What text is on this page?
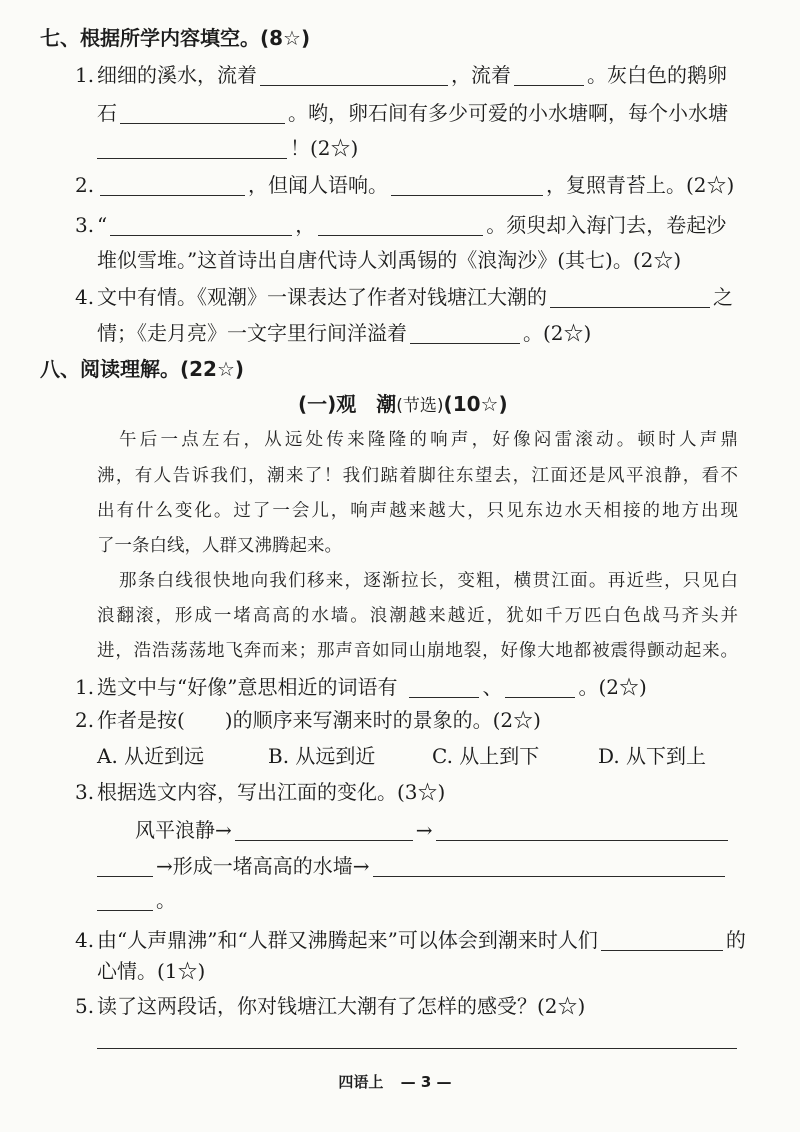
七、根据所学内容填空。(8☆)
1. 细细的溪水，流着	，流着	。灰白色的鹅卵
石	。哟，卵石间有多少可爱的小水塘啊，每个小水塘
！(2☆)
2.	，但闻人语响。	，复照青苔上。(2☆)
3. “	，	。须臾却入海门去，卷起沙
堆似雪堆。”这首诗出自唐代诗人刘禹锡的《浪淘沙》(其七)。(2☆)
4. 文中有情。《观潮》一课表达了作者对钱塘江大潮的	之
情；《走月亮》一文字里行间洋溢着	。(2☆)
八、阅读理解。(22☆)
(一)观　潮 (节选) (10☆)
午后一点左右，从远处传来隆隆的响声，好像闷雷滚动。顿时人声鼎
沸，有人告诉我们，潮来了！我们踮着脚往东望去，江面还是风平浪静，看不
出有什么变化。过了一会儿，响声越来越大，只见东边水天相接的地方出现
了一条白线，人群又沸腾起来。
那条白线很快地向我们移来，逐渐拉长，变粗，横贯江面。再近些，只见白
浪翻滚，形成一堵高高的水墙。浪潮越来越近，犹如千万匹白色战马齐头并
进，浩浩荡荡地飞奔而来；那声音如同山崩地裂，好像大地都被震得颤动起来。
1. 选文中与“好像”意思相近的词语有	、	。(2☆)
2. 作者是按(　　)的顺序来写潮来时的景象的。(2☆)
A. 从近到远	B. 从远到近	C. 从上到下	D. 从下到上
3. 根据选文内容，写出江面的变化。(3☆)
风平浪静→	→
→形成一堵高高的水墙→
。
4. 由“人声鼎沸”和“人群又沸腾起来”可以体会到潮来时人们	的
心情。(1☆)
5. 读了这两段话，你对钱塘江大潮有了怎样的感受？(2☆)
四语上 — 3 —
